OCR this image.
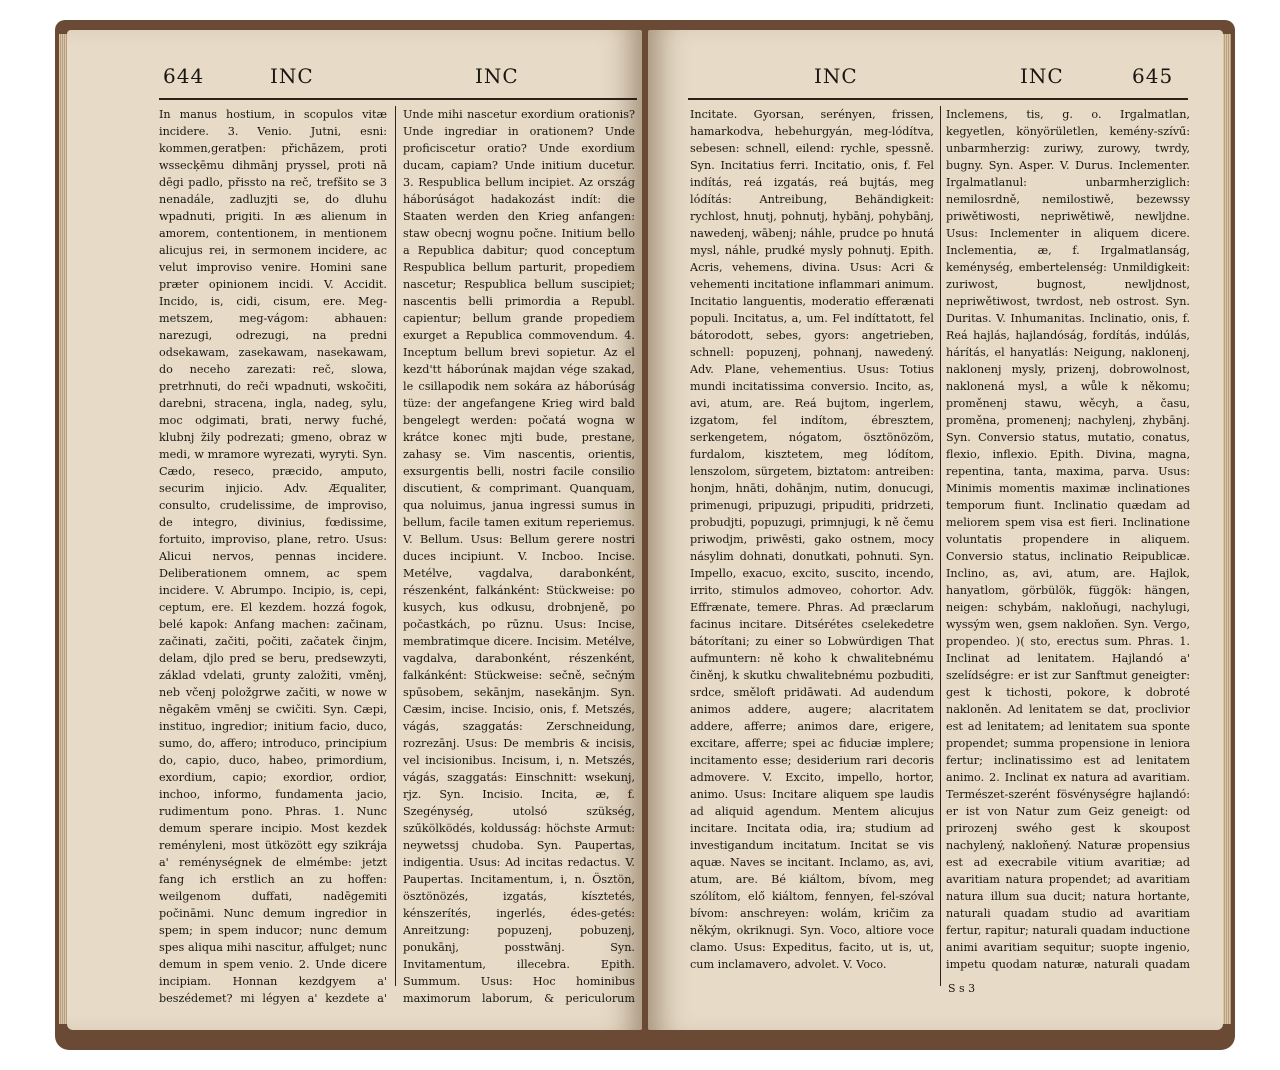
644	INC	INC

In manus hostium, in scopulos vitæ incidere. 3. Venio. Jutni, esni: kommen,geratþen: přichāzem, proti wssecķēmu dihmānj pryssel, proti nā dēgi padlo, přissto na reč, trefšito se 3 nenadále, zadluzjti se, do dluhu wpadnuti, prigiti. In æs alienum in amorem, contentionem, in mentionem alicujus rei, in sermonem incidere, ac velut improviso venire. Homini sane præter opinionem incidi. V. Accidit. Incido, is, cidi, cisum, ere. Meg-metszem, meg-vágom: abhauen: narezugi, odrezugi, na predni odsekawam, zasekawam, nasekawam, do neceho zarezati: reč, slowa, pretrhnuti, do reči wpadnuti, wskočiti, darebni, stracena, ingla, nadeg, sylu, moc odgimati, brati, nerwy fuché, klubnj žily podrezati; gmeno, obraz w medi, w mramore wyrezati, wyryti. Syn. Cædo, reseco, præcido, amputo, securim injicio. Adv. Æqualiter, consulto, crudelissime, de improviso, de integro, divinius, fœdissime, fortuito, improviso, plane, retro. Usus: Alicui nervos, pennas incidere. Deliberationem omnem, ac spem incidere. V. Abrumpo. Incipio, is, cepi, ceptum, ere. El kezdem. hozzá fogok, belé kapok: Anfang machen: začinam, začinati, začiti, počiti, začatek činjm, delam, djlo pred se beru, predsewzyti, základ vdelati, grunty založiti, vměnj, neb včenj položgrwe začiti, w nowe w nēgakēm vmēnj se cwičiti. Syn. Cæpi, instituo, ingredior; initium facio, duco, sumo, do, affero; introduco, principium do, capio, duco, habeo, primordium, exordium, capio; exordior, ordior, inchoo, informo, fundamenta jacio, rudimentum pono. Phras. 1. Nunc demum sperare incipio. Most kezdek reményleni, most ütközött egy szikrája a' reménységnek de elmémbe: jetzt fang ich erstlich an zu hoffen: weilgenom duffati, nadēgemiti počināmi. Nunc demum ingredior in spem; in spem inducor; nunc demum spes aliqua mihi nascitur, affulget; nunc demum in spem venio. 2. Unde dicere incipiam. Honnan kezdgyem a' beszédemet? mi légyen a' kezdete a'

Unde mihi nascetur exordium orationis? Unde ingrediar in orationem? Unde proficiscetur oratio? Unde exordium ducam, capiam? Unde initium ducetur. 3. Respublica bellum incipiet. Az ország háborúságot hadakozást indít: die Staaten werden den Krieg anfangen: staw obecnj wognu počne. Initium bello a Republica dabitur; quod conceptum Respublica bellum parturit, propediem nascetur; Respublica bellum suscipiet; nascentis belli primordia a Republ. capientur; bellum grande propediem exurget a Republica commovendum. 4. Inceptum bellum brevi sopietur. Az el kezd'tt háborúnak majdan vége szakad, le csillapodik nem sokára az háborúság tüze: der angefangene Krieg wird bald bengelegt werden: počatá wogna w krátce konec mjti bude, prestane, zahasy se. Vim nascentis, orientis, exsurgentis belli, nostri facile consilio discutient, & comprimant. Quanquam, qua noluimus, janua ingressi sumus in bellum, facile tamen exitum reperiemus. V. Bellum. Usus: Bellum gerere nostri duces incipiunt. V. Incboo. Incise. Metélve, vagdalva, darabonként, részenként, falkánként: Stückweise: po kusych, kus odkusu, drobnjeně, po počastkách, po rūznu. Usus: Incise, membratimque dicere. Incisim. Metélve, vagdalva, darabonként, részenként, falkánként: Stückweise: sečně, sečným spūsobem, sekānjm, nasekānjm. Syn. Cæsim, incise. Incisio, onis, f. Metszés, vágás, szaggatás: Zerschneidung, rozrezānj. Usus: De membris & incisis, vel incisionibus. Incisum, i, n. Metszés, vágás, szaggatás: Einschnitt: wsekunj, rjz. Syn. Incisio. Incita, æ, f. Szegénység, utolsó szükség, szűkölködés, koldusság: höchste Armut: neywetssj chudoba. Syn. Paupertas, indigentia. Usus: Ad incitas redactus. V. Paupertas. Incitamentum, i, n. Ösztön, ösztönözés, izgatás, kísztetés, kénszerítés, ingerlés, édes-getés: Anreitzung: popuzenj, pobuzenj, ponukānj, posstwānj. Syn. Invitamentum, illecebra. Epith. Summum. Usus: Hoc hominibus maximorum laborum, & periculorum

INC	INC	645

Incitate. Gyorsan, serényen, frissen, hamarkodva, hebehurgyán, meg-lódítva, sebesen: schnell, eilend: rychle, spessně. Syn. Incitatius ferri. Incitatio, onis, f. Fel indítás, reá izgatás, reá bujtás, meg lódítás: Antreibung, Behändigkeit: rychlost, hnutj, pohnutj, hybānj, pohybānj, nawedenj, wābenj; náhle, prudce po hnutá mysl, náhle, prudké mysly pohnutj. Epith. Acris, vehemens, divina. Usus: Acri & vehementi incitatione inflammari animum. Incitatio languentis, moderatio efferænati populi. Incitatus, a, um. Fel indíttatott, fel bátorodott, sebes, gyors: angetrieben, schnell: popuzenj, pohnanj, nawedený. Adv. Plane, vehementius. Usus: Totius mundi incitatissima conversio. Incito, as, avi, atum, are. Reá bujtom, ingerlem, izgatom, fel indítom, ébresztem, serkengetem, nógatom, ösztönözöm, furdalom, kisztetem, meg lódítom, lenszolom, sürgetem, biztatom: antreiben: honjm, hnāti, dohānjm, nutim, donucugi, primenugi, pripuzugi, pripuditi, pridrzeti, probudjti, popuzugi, primnjugi, k ně čemu priwodjm, priwēsti, gako ostnem, mocy násylim dohnati, donutkati, pohnuti. Syn. Impello, exacuo, excito, suscito, incendo, irrito, stimulos admoveo, cohortor. Adv. Effrænate, temere. Phras. Ad præclarum facinus incitare. Ditsérétes cselekedetre bátorítani; zu einer so Lobwürdigen That aufmuntern: ně koho k chwalitebnému činěnj, k skutku chwalitebnému pozbuditi, srdce, směloft pridāwati. Ad audendum animos addere, augere; alacritatem addere, afferre; animos dare, erigere, excitare, afferre; spei ac fiduciæ implere; incitamento esse; desiderium rari decoris admovere. V. Excito, impello, hortor, animo. Usus: Incitare aliquem spe laudis ad aliquid agendum. Mentem alicujus incitare. Incitata odia, ira; studium ad investigandum incitatum. Incitat se vis aquæ. Naves se incitant. Inclamo, as, avi, atum, are. Bé kiáltom, bívom, meg szólítom, elő kiáltom, fennyen, fel-szóval bívom: anschreyen: wolám, kričim za někým, okriknugi. Syn. Voco, altiore voce clamo. Usus: Expeditus, facito, ut is, ut, cum inclamavero, advolet. V. Voco.

Inclemens, tis, g. o. Irgalmatlan, kegyetlen, könyörületlen, kemény-szívű: unbarmherzig: zuriwy, zurowy, twrdy, bugny. Syn. Asper. V. Durus. Inclementer. Irgalmatlanul: unbarmherziglich: nemilosrdně, nemilostiwě, bezewssy priwětiwosti, nepriwětiwě, newljdne. Usus: Inclementer in aliquem dicere. Inclementia, æ, f. Irgalmatlanság, keménység, embertelenség: Unmildigkeit: zuriwost, bugnost, newljdnost, nepriwětiwost, twrdost, neb ostrost. Syn. Duritas. V. Inhumanitas. Inclinatio, onis, f. Reá hajlás, hajlandóság, fordítás, indúlás, hárítás, el hanyatlás: Neigung, naklonenj, naklonenj mysly, prizenj, dobrowolnost, naklonená mysl, a wůle k někomu; proměnenj stawu, wěcyh, a času, proměna, promenenj; nachylenj, zhybānj. Syn. Conversio status, mutatio, conatus, flexio, inflexio. Epith. Divina, magna, repentina, tanta, maxima, parva. Usus: Minimis momentis maximæ inclinationes temporum fiunt. Inclinatio quædam ad meliorem spem visa est fieri. Inclinatione voluntatis propendere in aliquem. Conversio status, inclinatio Reipublicæ. Inclino, as, avi, atum, are. Hajlok, hanyatlom, görbülök, függök: hängen, neigen: schybám, nakloňugi, nachylugi, wyssým wen, gsem nakloňen. Syn. Vergo, propendeo. )( sto, erectus sum. Phras. 1. Inclinat ad lenitatem. Hajlandó a' szelídségre: er ist zur Sanftmut geneigter: gest k tichosti, pokore, k dobroté nakloněn. Ad lenitatem se dat, proclivior est ad lenitatem; ad lenitatem sua sponte propendet; summa propensione in leniora fertur; inclinatissimo est ad lenitatem animo. 2. Inclinat ex natura ad avaritiam. Természet-szerént fösvénységre hajlandó: er ist von Natur zum Geiz geneigt: od prirozenj swého gest k skoupost nachylený, nakloňený. Naturæ propensius est ad execrabile vitium avaritiæ; ad avaritiam natura propendet; ad avaritiam natura illum sua ducit; natura hortante, naturali quadam studio ad avaritiam fertur, rapitur; naturali quadam inductione animi avaritiam sequitur; suopte ingenio, impetu quodam naturæ, naturali quadam

S s 3
